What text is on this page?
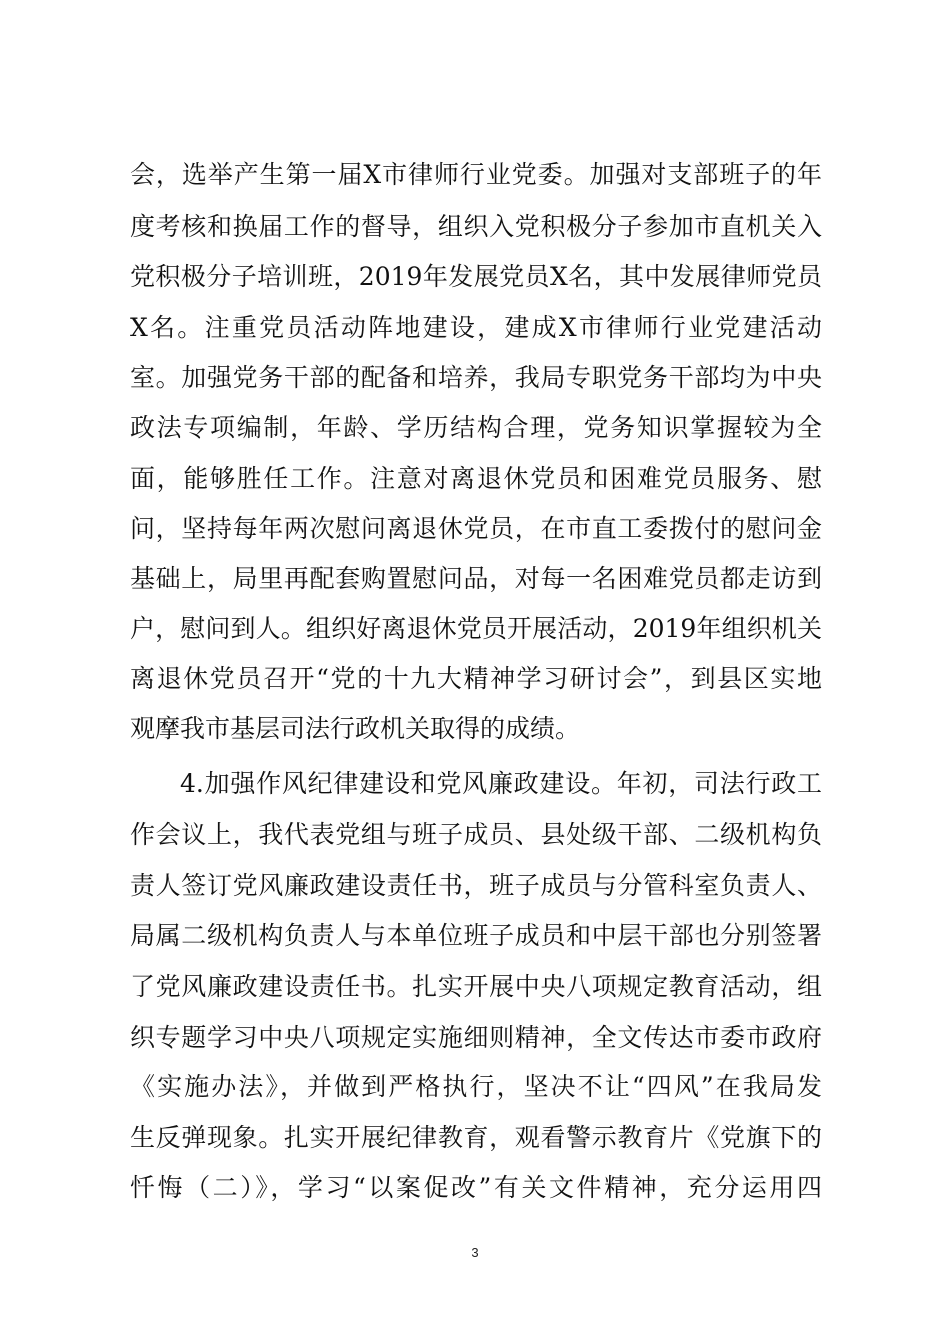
会，选举产生第一届X市律师行业党委。加强对支部班子的年
度考核和换届工作的督导，组织入党积极分子参加市直机关入
党积极分子培训班，2019年发展党员X名，其中发展律师党员
X名。注重党员活动阵地建设，建成X市律师行业党建活动
室。加强党务干部的配备和培养，我局专职党务干部均为中央
政法专项编制，年龄、学历结构合理，党务知识掌握较为全
面，能够胜任工作。注意对离退休党员和困难党员服务、慰
问，坚持每年两次慰问离退休党员，在市直工委拨付的慰问金
基础上，局里再配套购置慰问品，对每一名困难党员都走访到
户，慰问到人。组织好离退休党员开展活动，2019年组织机关
离退休党员召开“党的十九大精神学习研讨会”，到县区实地
观摩我市基层司法行政机关取得的成绩。
4.加强作风纪律建设和党风廉政建设。年初，司法行政工
作会议上，我代表党组与班子成员、县处级干部、二级机构负
责人签订党风廉政建设责任书，班子成员与分管科室负责人、
局属二级机构负责人与本单位班子成员和中层干部也分别签署
了党风廉政建设责任书。扎实开展中央八项规定教育活动，组
织专题学习中央八项规定实施细则精神，全文传达市委市政府
《实施办法》，并做到严格执行，坚决不让“四风”在我局发
生反弹现象。扎实开展纪律教育，观看警示教育片《党旗下的
忏悔（二）》，学习“以案促改”有关文件精神，充分运用四
3
